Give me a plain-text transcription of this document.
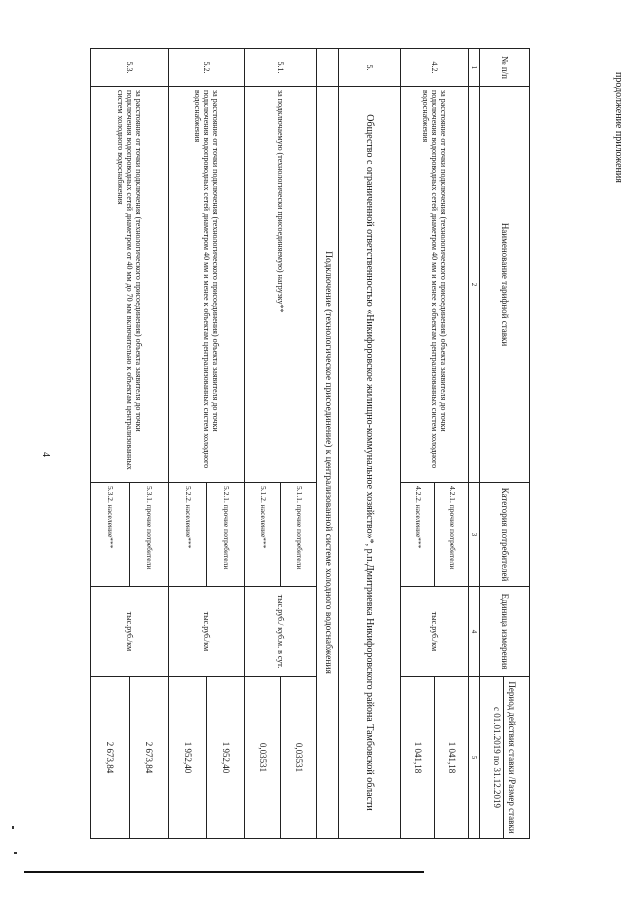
4
продолжение приложения
№ п/п	Наименование тарифной ставки	Категория потребителей	Единица измерения	Период действия ставки /Размер ставки
с 01.01.2019 по 31.12.2019

1	2	3	4	5
4.2.	за расстояние от точки подключения (технологического присоединения) объекта заявителя до точки подключения водопроводных сетей диаметром 40 мм и менее к объектам централизованных систем холодного водоснабжения	4.2.1. прочие потребители	тыс.руб./км	1 041,18
		4.2.2. население***		1 041,18
5.	Общество с ограниченной ответственностью «Никифоровское жилищно-коммунальное хозяйство»*, р.п.Дмитриевка Никифоровского района Тамбовской области			
	Подключение (технологическое присоединение) к централизованной системе холодного водоснабжения			
5.1.	за подключаемую (технологически присоединяемую) нагрузку**	5.1.1. прочие потребители	тыс.руб./ куб.м. в сут.	0,03531
		5.1.2. население***		0,03531
5.2.	за расстояние от точки подключения (технологического присоединения) объекта заявителя до точки подключения водопроводных сетей диаметром 40 мм и менее к объектам централизованных систем холодного водоснабжения	5.2.1. прочие потребители	тыс.руб./км	1 952,40
		5.2.2. население***		1 952,40
5.3.	за расстояние от точки подключения (технологического присоединения) объекта заявителя до точки подключения водопроводных сетей диаметром от 40 мм до 70 мм включительно к объектам централизованных систем холодного водоснабжения	5.3.1. прочие потребители	тыс.руб./км	2 673,84
		5.3.2. население***		2 673,84
